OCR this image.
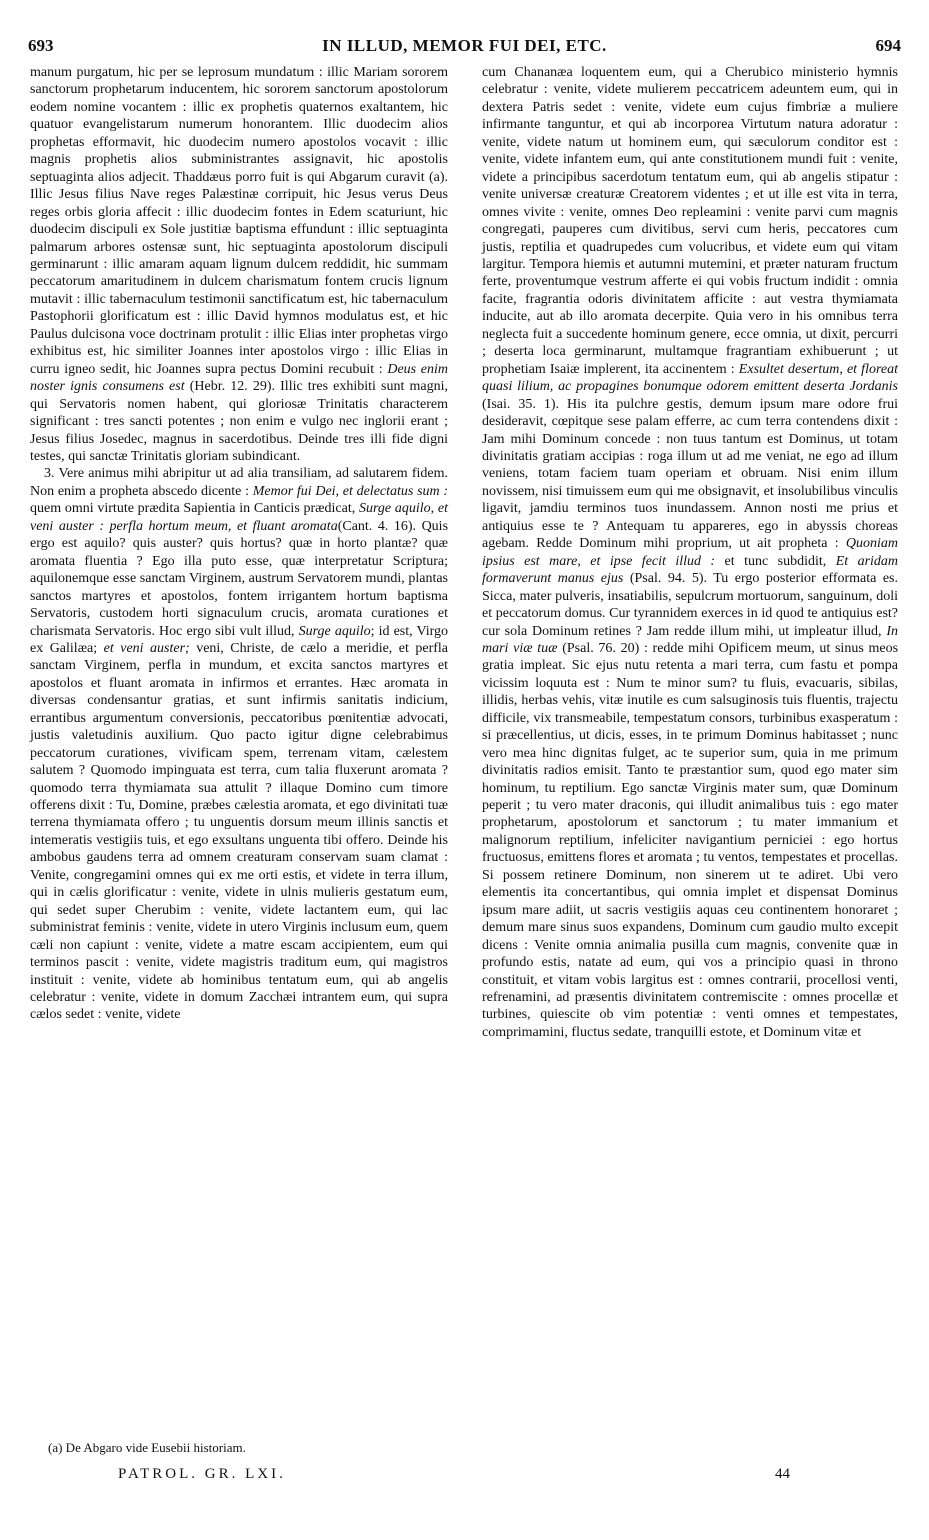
693	IN ILLUD, MEMOR FUI DEI, ETC.	694

manum purgatum, hic per se leprosum mundatum : illic Mariam sororem sanctorum prophetarum inducentem, hic sororem sanctorum apostolorum eodem nomine vocantem : illic ex prophetis quaternos exaltantem, hic quatuor evangelistarum numerum honorantem. Illic duodecim alios prophetas efformavit, hic duodecim numero apostolos vocavit : illic magnis prophetis alios subministrantes assignavit, hic apostolis septuaginta alios adjecit. Thaddæus porro fuit is qui Abgarum curavit (a). Illic Jesus filius Nave reges Palæstinæ corripuit, hic Jesus verus Deus reges orbis gloria affecit : illic duodecim fontes in Edem scaturiunt, hic duodecim discipuli ex Sole justitiæ baptisma effundunt : illic septuaginta palmarum arbores ostensæ sunt, hic septuaginta apostolorum discipuli germinarunt : illic amaram aquam lignum dulcem reddidit, hic summam peccatorum amaritudinem in dulcem charismatum fontem crucis lignum mutavit : illic tabernaculum testimonii sanctificatum est, hic tabernaculum Pastophorii glorificatum est : illic David hymnos modulatus est, et hic Paulus dulcisona voce doctrinam protulit : illic Elias inter prophetas virgo exhibitus est, hic similiter Joannes inter apostolos virgo : illic Elias in curru igneo sedit, hic Joannes supra pectus Domini recubuit : Deus enim noster ignis consumens est (Hebr. 12. 29). Illic tres exhibiti sunt magni, qui Servatoris nomen habent, qui gloriosæ Trinitatis characterem significant : tres sancti potentes ; non enim e vulgo nec inglorii erant ; Jesus filius Josedec, magnus in sacerdotibus. Deinde tres illi fide digni testes, qui sanctæ Trinitatis gloriam subindicant.

3. Vere animus mihi abripitur ut ad alia transiliam, ad salutarem fidem. Non enim a propheta abscedo dicente : Memor fui Dei, et delectatus sum : quem omni virtute prædita Sapientia in Canticis prædicat, Surge aquilo, et veni auster : perfla hortum meum, et fluant aromata(Cant. 4. 16). Quis ergo est aquilo? quis auster? quis hortus? quæ in horto plantæ? quæ aromata fluentia ? Ego illa puto esse, quæ interpretatur Scriptura; aquilonemque esse sanctam Virginem, austrum Servatorem mundi, plantas sanctos martyres et apostolos, fontem irrigantem hortum baptisma Servatoris, custodem horti signaculum crucis, aromata curationes et charismata Servatoris. Hoc ergo sibi vult illud, Surge aquilo; id est, Virgo ex Galilæa; et veni auster; veni, Christe, de cælo a meridie, et perfla sanctam Virginem, perfla in mundum, et excita sanctos martyres et apostolos et fluant aromata in infirmos et errantes. Hæc aromata in diversas condensantur gratias, et sunt infirmis sanitatis indicium, errantibus argumentum conversionis, peccatoribus pœnitentiæ advocati, justis valetudinis auxilium. Quo pacto igitur digne celebrabimus peccatorum curationes, vivificam spem, terrenam vitam, cælestem salutem ? Quomodo impinguata est terra, cum talia fluxerunt aromata ? quomodo terra thymiamata sua attulit ? illaque Domino cum timore offerens dixit : Tu, Domine, præbes cælestia aromata, et ego divinitati tuæ terrena thymiamata offero ; tu unguentis dorsum meum illinis sanctis et intemeratis vestigiis tuis, et ego exsultans unguenta tibi offero. Deinde his ambobus gaudens terra ad omnem creaturam conservam suam clamat : Venite, congregamini omnes qui ex me orti estis, et videte in terra illum, qui in cælis glorificatur : venite, videte in ulnis mulieris gestatum eum, qui sedet super Cherubim : venite, videte lactantem eum, qui lac subministrat feminis : venite, videte in utero Virginis inclusum eum, quem cæli non capiunt : venite, videte a matre escam accipientem, eum qui terminos pascit : venite, videte magistris traditum eum, qui magistros instituit : venite, videte ab hominibus tentatum eum, qui ab angelis celebratur : venite, videte in domum Zacchæi intrantem eum, qui supra cælos sedet : venite, videte

cum Chananæa loquentem eum, qui a Cherubico ministerio hymnis celebratur : venite, videte mulierem peccatricem adeuntem eum, qui in dextera Patris sedet : venite, videte eum cujus fimbriæ a muliere infirmante tanguntur, et qui ab incorporea Virtutum natura adoratur : venite, videte natum ut hominem eum, qui sæculorum conditor est : venite, videte infantem eum, qui ante constitutionem mundi fuit : venite, videte a principibus sacerdotum tentatum eum, qui ab angelis stipatur : venite universæ creaturæ Creatorem videntes ; et ut ille est vita in terra, omnes vivite : venite, omnes Deo repleamini : venite parvi cum magnis congregati, pauperes cum divitibus, servi cum heris, peccatores cum justis, reptilia et quadrupedes cum volucribus, et videte eum qui vitam largitur. Tempora hiemis et autumni mutemini, et præter naturam fructum ferte, proventumque vestrum afferte ei qui vobis fructum indidit : omnia facite, fragrantia odoris divinitatem afficite : aut vestra thymiamata inducite, aut ab illo aromata decerpite. Quia vero in his omnibus terra neglecta fuit a succedente hominum genere, ecce omnia, ut dixit, percurri ; deserta loca germinarunt, multamque fragrantiam exhibuerunt ; ut prophetiam Isaiæ implerent, ita accinentem : Exsultet desertum, et floreat quasi lilium, ac propagines bonumque odorem emittent deserta Jordanis (Isai. 35. 1). His ita pulchre gestis, demum ipsum mare odore frui desideravit, cœpitque sese palam efferre, ac cum terra contendens dixit : Jam mihi Dominum concede : non tuus tantum est Dominus, ut totam divinitatis gratiam accipias : roga illum ut ad me veniat, ne ego ad illum veniens, totam faciem tuam operiam et obruam. Nisi enim illum novissem, nisi timuissem eum qui me obsignavit, et insolubilibus vinculis ligavit, jamdiu terminos tuos inundassem. Annon nosti me prius et antiquius esse te ? Antequam tu appareres, ego in abyssis choreas agebam. Redde Dominum mihi proprium, ut ait propheta : Quoniam ipsius est mare, et ipse fecit illud : et tunc subdidit, Et aridam formaverunt manus ejus (Psal. 94. 5). Tu ergo posterior efformata es. Sicca, mater pulveris, insatiabilis, sepulcrum mortuorum, sanguinum, doli et peccatorum domus. Cur tyrannidem exerces in id quod te antiquius est? cur sola Dominum retines ? Jam redde illum mihi, ut impleatur illud, In mari viæ tuæ (Psal. 76. 20) : redde mihi Opificem meum, ut sinus meos gratia impleat. Sic ejus nutu retenta a mari terra, cum fastu et pompa vicissim loquuta est : Num te minor sum? tu fluis, evacuaris, sibilas, illidis, herbas vehis, vitæ inutile es cum salsuginosis tuis fluentis, trajectu difficile, vix transmeabile, tempestatum consors, turbinibus exasperatum : si præcellentius, ut dicis, esses, in te primum Dominus habitasset ; nunc vero mea hinc dignitas fulget, ac te superior sum, quia in me primum divinitatis radios emisit. Tanto te præstantior sum, quod ego mater sim hominum, tu reptilium. Ego sanctæ Virginis mater sum, quæ Dominum peperit ; tu vero mater draconis, qui illudit animalibus tuis : ego mater prophetarum, apostolorum et sanctorum ; tu mater immanium et malignorum reptilium, infeliciter navigantium perniciei : ego hortus fructuosus, emittens flores et aromata ; tu ventos, tempestates et procellas. Si possem retinere Dominum, non sinerem ut te adiret. Ubi vero elementis ita concertantibus, qui omnia implet et dispensat Dominus ipsum mare adiit, ut sacris vestigiis aquas ceu continentem honoraret ; demum mare sinus suos expandens, Dominum cum gaudio multo excepit dicens : Venite omnia animalia pusilla cum magnis, convenite quæ in profundo estis, natate ad eum, qui vos a principio quasi in throno constituit, et vitam vobis largitus est : omnes contrarii, procellosi venti, refrenamini, ad præsentis divinitatem contremiscite : omnes procellæ et turbines, quiescite ob vim potentiæ : venti omnes et tempestates, comprimamini, fluctus sedate, tranquilli estote, et Dominum vitæ et

(a) De Abgaro vide Eusebii historiam.
PATROL. GR. LXI.	44
